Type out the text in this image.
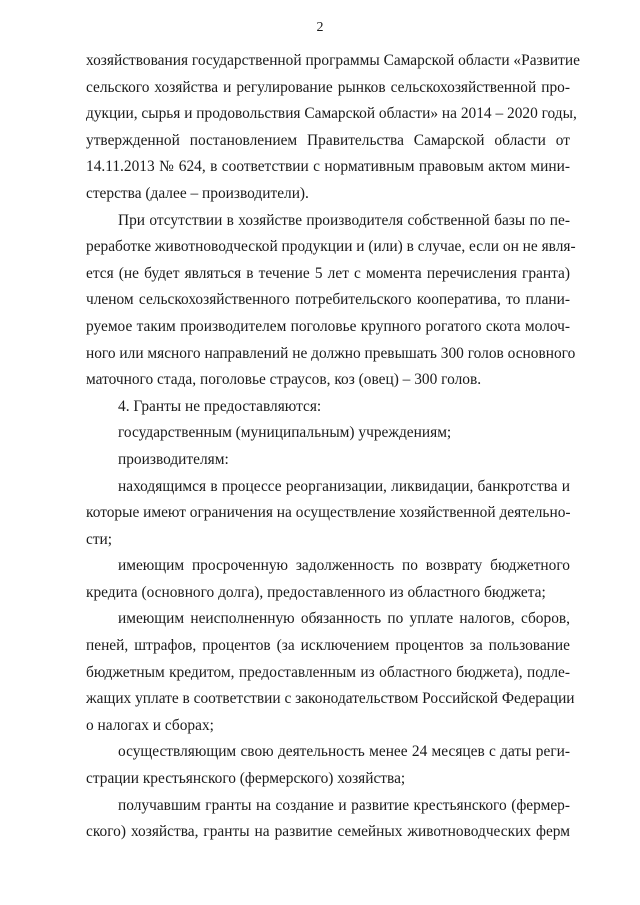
2
хозяйствования государственной программы Самарской области «Развитие
сельского хозяйства и регулирование рынков сельскохозяйственной про-
дукции, сырья и продовольствия Самарской области» на 2014 – 2020 годы,
утвержденной постановлением Правительства Самарской области от
14.11.2013 № 624, в соответствии с нормативным правовым актом мини-
стерства (далее – производители).
При отсутствии в хозяйстве производителя собственной базы по пе-
реработке животноводческой продукции и (или) в случае, если он не явля-
ется (не будет являться в течение 5 лет с момента перечисления гранта)
членом сельскохозяйственного потребительского кооператива, то плани-
руемое таким производителем поголовье крупного рогатого скота молоч-
ного или мясного направлений не должно превышать 300 голов основного
маточного стада, поголовье страусов, коз (овец) – 300 голов.
4. Гранты не предоставляются:
государственным (муниципальным) учреждениям;
производителям:
находящимся в процессе реорганизации, ликвидации, банкротства и
которые имеют ограничения на осуществление хозяйственной деятельно-
сти;
имеющим просроченную задолженность по возврату бюджетного
кредита (основного долга), предоставленного из областного бюджета;
имеющим неисполненную обязанность по уплате налогов, сборов,
пеней, штрафов, процентов (за исключением процентов за пользование
бюджетным кредитом, предоставленным из областного бюджета), подле-
жащих уплате в соответствии с законодательством Российской Федерации
о налогах и сборах;
осуществляющим свою деятельность менее 24 месяцев с даты реги-
страции крестьянского (фермерского) хозяйства;
получавшим гранты на создание и развитие крестьянского (фермер-
ского) хозяйства, гранты на развитие семейных животноводческих ферм
